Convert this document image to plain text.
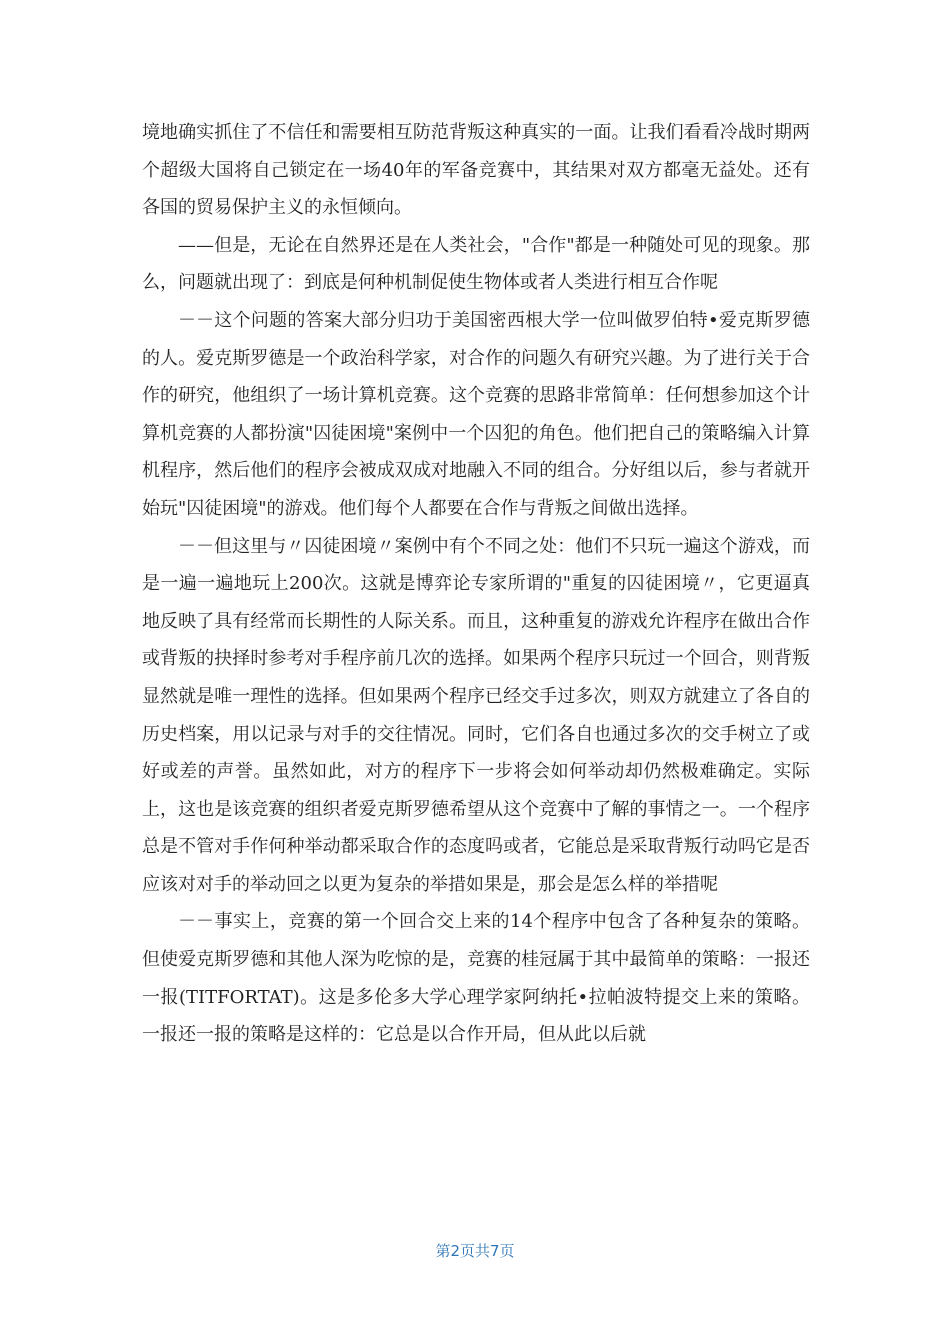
境地确实抓住了不信任和需要相互防范背叛这种真实的一面。让我们看看冷战时期两个超级大国将自己锁定在一场40年的军备竞赛中，其结果对双方都毫无益处。还有各国的贸易保护主义的永恒倾向。

——但是，无论在自然界还是在人类社会，"合作"都是一种随处可见的现象。那么，问题就出现了：到底是何种机制促使生物体或者人类进行相互合作呢

－－这个问题的答案大部分归功于美国密西根大学一位叫做罗伯特•爱克斯罗德的人。爱克斯罗德是一个政治科学家，对合作的问题久有研究兴趣。为了进行关于合作的研究，他组织了一场计算机竞赛。这个竞赛的思路非常简单：任何想参加这个计算机竞赛的人都扮演"囚徒困境"案例中一个囚犯的角色。他们把自己的策略编入计算机程序，然后他们的程序会被成双成对地融入不同的组合。分好组以后，参与者就开始玩"囚徒困境"的游戏。他们每个人都要在合作与背叛之间做出选择。

－－但这里与〃囚徒困境〃案例中有个不同之处：他们不只玩一遍这个游戏，而是一遍一遍地玩上200次。这就是博弈论专家所谓的"重复的囚徒困境〃，它更逼真地反映了具有经常而长期性的人际关系。而且，这种重复的游戏允许程序在做出合作或背叛的抉择时参考对手程序前几次的选择。如果两个程序只玩过一个回合，则背叛显然就是唯一理性的选择。但如果两个程序已经交手过多次，则双方就建立了各自的历史档案，用以记录与对手的交往情况。同时，它们各自也通过多次的交手树立了或好或差的声誉。虽然如此，对方的程序下一步将会如何举动却仍然极难确定。实际上，这也是该竞赛的组织者爱克斯罗德希望从这个竞赛中了解的事情之一。一个程序总是不管对手作何种举动都采取合作的态度吗或者，它能总是采取背叛行动吗它是否应该对对手的举动回之以更为复杂的举措如果是，那会是怎么样的举措呢

－－事实上，竞赛的第一个回合交上来的14个程序中包含了各种复杂的策略。但使爱克斯罗德和其他人深为吃惊的是，竞赛的桂冠属于其中最简单的策略：一报还一报(TITFORTAT)。这是多伦多大学心理学家阿纳托•拉帕波特提交上来的策略。一报还一报的策略是这样的：它总是以合作开局，但从此以后就

第2页共7页
